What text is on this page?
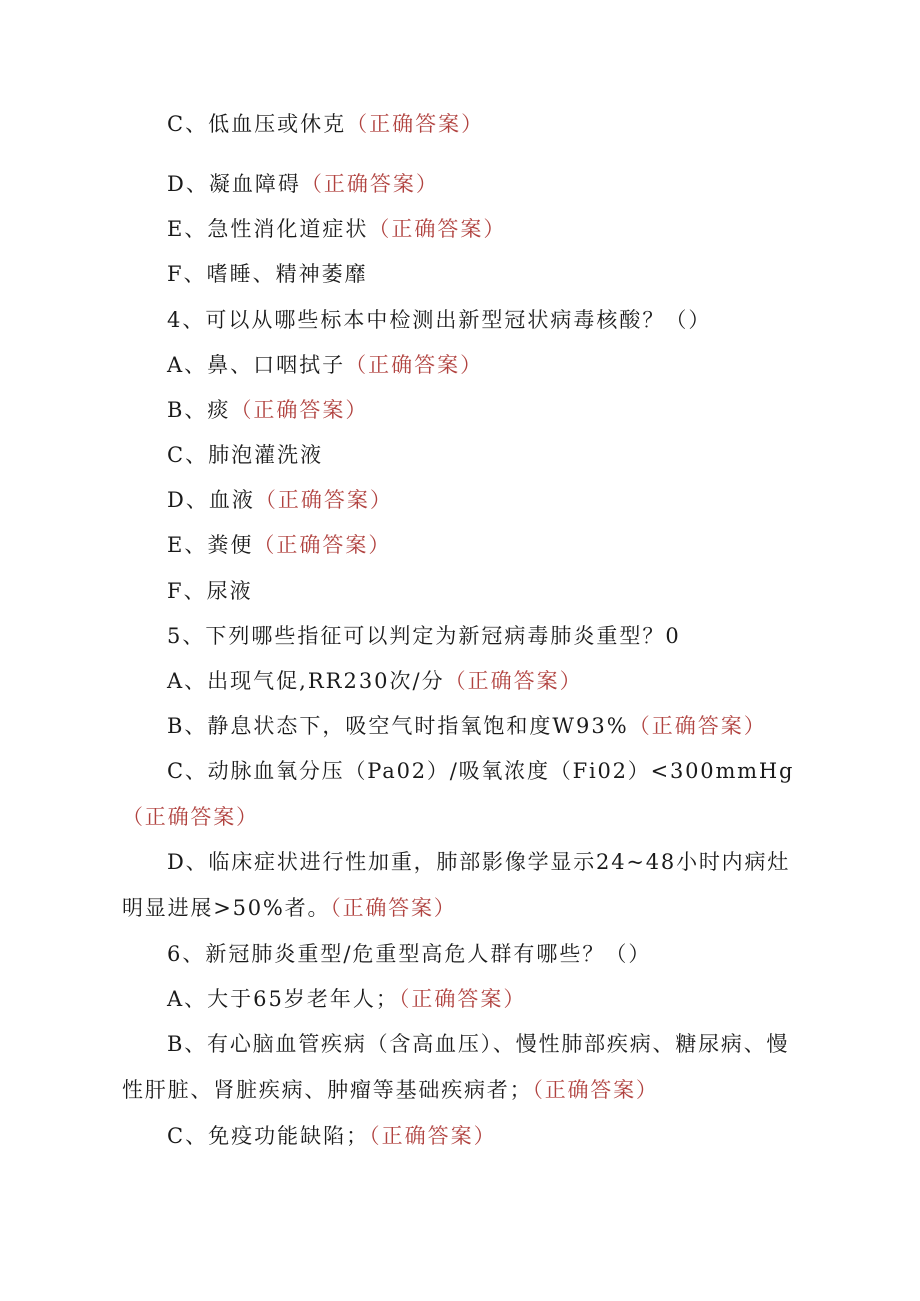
C、低血压或休克（正确答案）
D、凝血障碍（正确答案）
E、急性消化道症状（正确答案）
F、嗜睡、精神萎靡
4、可以从哪些标本中检测出新型冠状病毒核酸？（）
A、鼻、口咽拭子（正确答案）
B、痰（正确答案）
C、肺泡灌洗液
D、血液（正确答案）
E、粪便（正确答案）
F、尿液
5、下列哪些指征可以判定为新冠病毒肺炎重型？0
A、出现气促,RR230次/分（正确答案）
B、静息状态下，吸空气时指氧饱和度W93%（正确答案）
C、动脉血氧分压（Pa02）/吸氧浓度（Fi02）<300mmHg（正确答案）
D、临床症状进行性加重，肺部影像学显示24~48小时内病灶明显进展>50%者。（正确答案）
6、新冠肺炎重型/危重型高危人群有哪些？（）
A、大于65岁老年人；（正确答案）
B、有心脑血管疾病（含高血压）、慢性肺部疾病、糖尿病、慢性肝脏、肾脏疾病、肿瘤等基础疾病者；（正确答案）
C、免疫功能缺陷；（正确答案）
